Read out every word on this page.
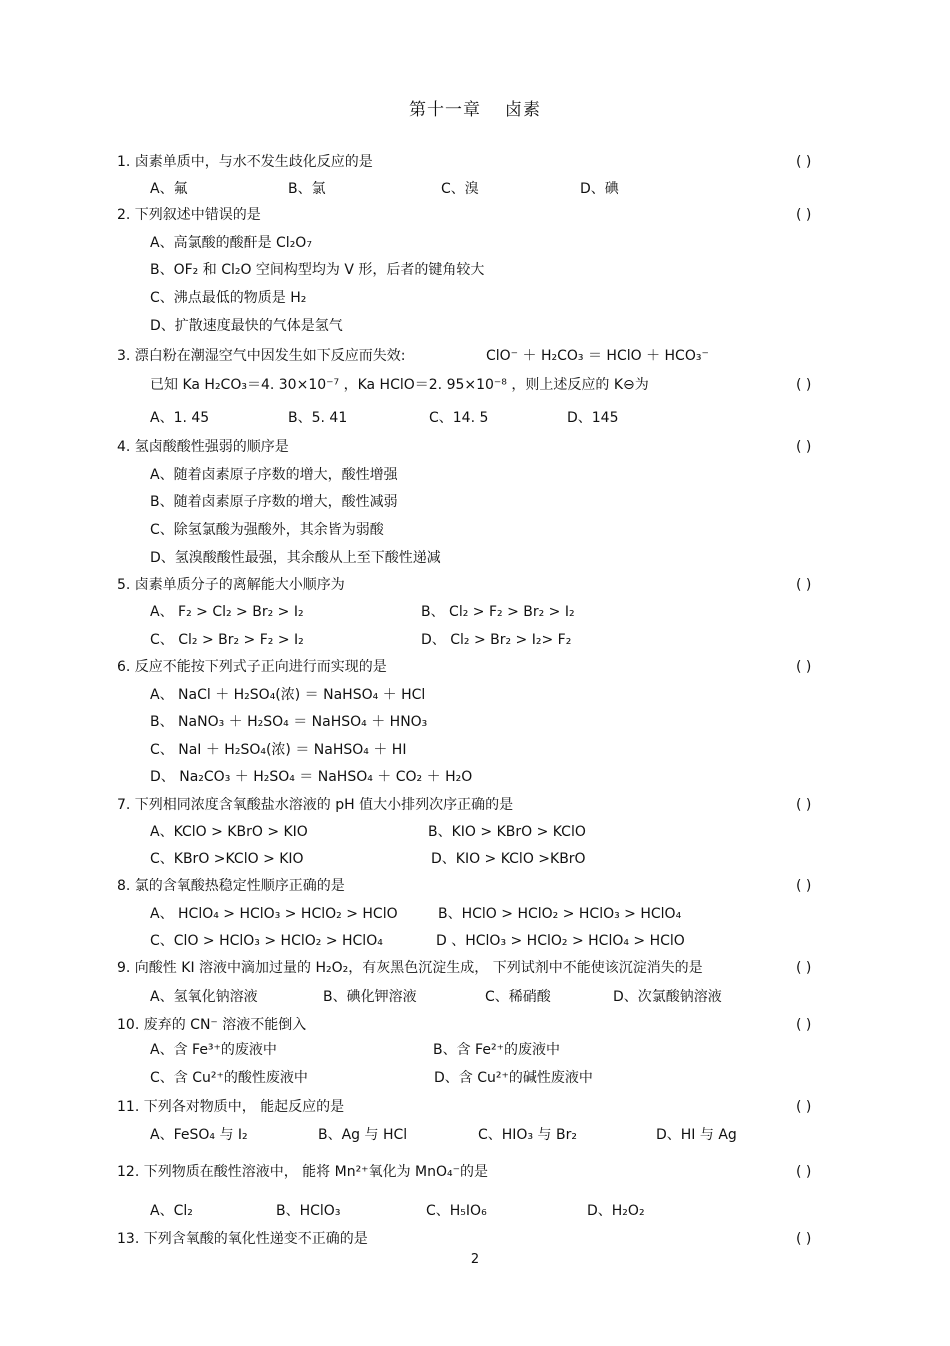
第十一章 卤素
1. 卤素单质中，与水不发生歧化反应的是	( )
A、氟	B、氯	C、溴	D、碘
2. 下列叙述中错误的是	( )
A、高氯酸的酸酐是 Cl₂O₇
B、OF₂ 和 Cl₂O 空间构型均为 V 形，后者的键角较大
C、沸点最低的物质是 H₂
D、扩散速度最快的气体是氢气
3. 漂白粉在潮湿空气中因发生如下反应而失效:	ClO⁻ ＋ H₂CO₃ ＝ HClO ＋ HCO₃⁻
已知 Ka H₂CO₃＝4. 30×10⁻⁷ ，Ka HClO＝2. 95×10⁻⁸ ，则上述反应的 K⊖为	( )
A、1. 45	B、5. 41	C、14. 5	D、145
4. 氢卤酸酸性强弱的顺序是	( )
A、随着卤素原子序数的增大，酸性增强
B、随着卤素原子序数的增大，酸性减弱
C、除氢氯酸为强酸外，其余皆为弱酸
D、氢溴酸酸性最强，其余酸从上至下酸性递减
5. 卤素单质分子的离解能大小顺序为	( )
A、 F₂ > Cl₂ > Br₂ > I₂	B、 Cl₂ > F₂ > Br₂ > I₂
C、 Cl₂ > Br₂ > F₂ > I₂	D、 Cl₂ > Br₂ > I₂> F₂
6. 反应不能按下列式子正向进行而实现的是	( )
A、 NaCl ＋ H₂SO₄(浓) ＝ NaHSO₄ ＋ HCl
B、 NaNO₃ ＋ H₂SO₄ ＝ NaHSO₄ ＋ HNO₃
C、 NaI ＋ H₂SO₄(浓) ＝ NaHSO₄ ＋ HI
D、 Na₂CO₃ ＋ H₂SO₄ ＝ NaHSO₄ ＋ CO₂ ＋ H₂O
7. 下列相同浓度含氧酸盐水溶液的 pH 值大小排列次序正确的是	( )
A、KClO > KBrO > KIO	B、KIO > KBrO > KClO
C、KBrO >KClO > KIO	D、KIO > KClO >KBrO
8. 氯的含氧酸热稳定性顺序正确的是	( )
A、 HClO₄ > HClO₃ > HClO₂ > HClO	B、HClO > HClO₂ > HClO₃ > HClO₄
C、ClO > HClO₃ > HClO₂ > HClO₄	D 、HClO₃ > HClO₂ > HClO₄ > HClO
9. 向酸性 KI 溶液中滴加过量的 H₂O₂，有灰黑色沉淀生成， 下列试剂中不能使该沉淀消失的是	( )
A、氢氧化钠溶液	B、碘化钾溶液	C、稀硝酸	D、次氯酸钠溶液
10. 废弃的 CN⁻ 溶液不能倒入	( )
A、含 Fe³⁺的废液中	B、含 Fe²⁺的废液中
C、含 Cu²⁺的酸性废液中	D、含 Cu²⁺的碱性废液中
11. 下列各对物质中， 能起反应的是	( )
A、FeSO₄ 与 I₂	B、Ag 与 HCl	C、HIO₃ 与 Br₂	D、HI 与 Ag
12. 下列物质在酸性溶液中， 能将 Mn²⁺氧化为 MnO₄⁻的是	( )
A、Cl₂	B、HClO₃	C、H₅IO₆	D、H₂O₂
13. 下列含氧酸的氧化性递变不正确的是	( )
2
